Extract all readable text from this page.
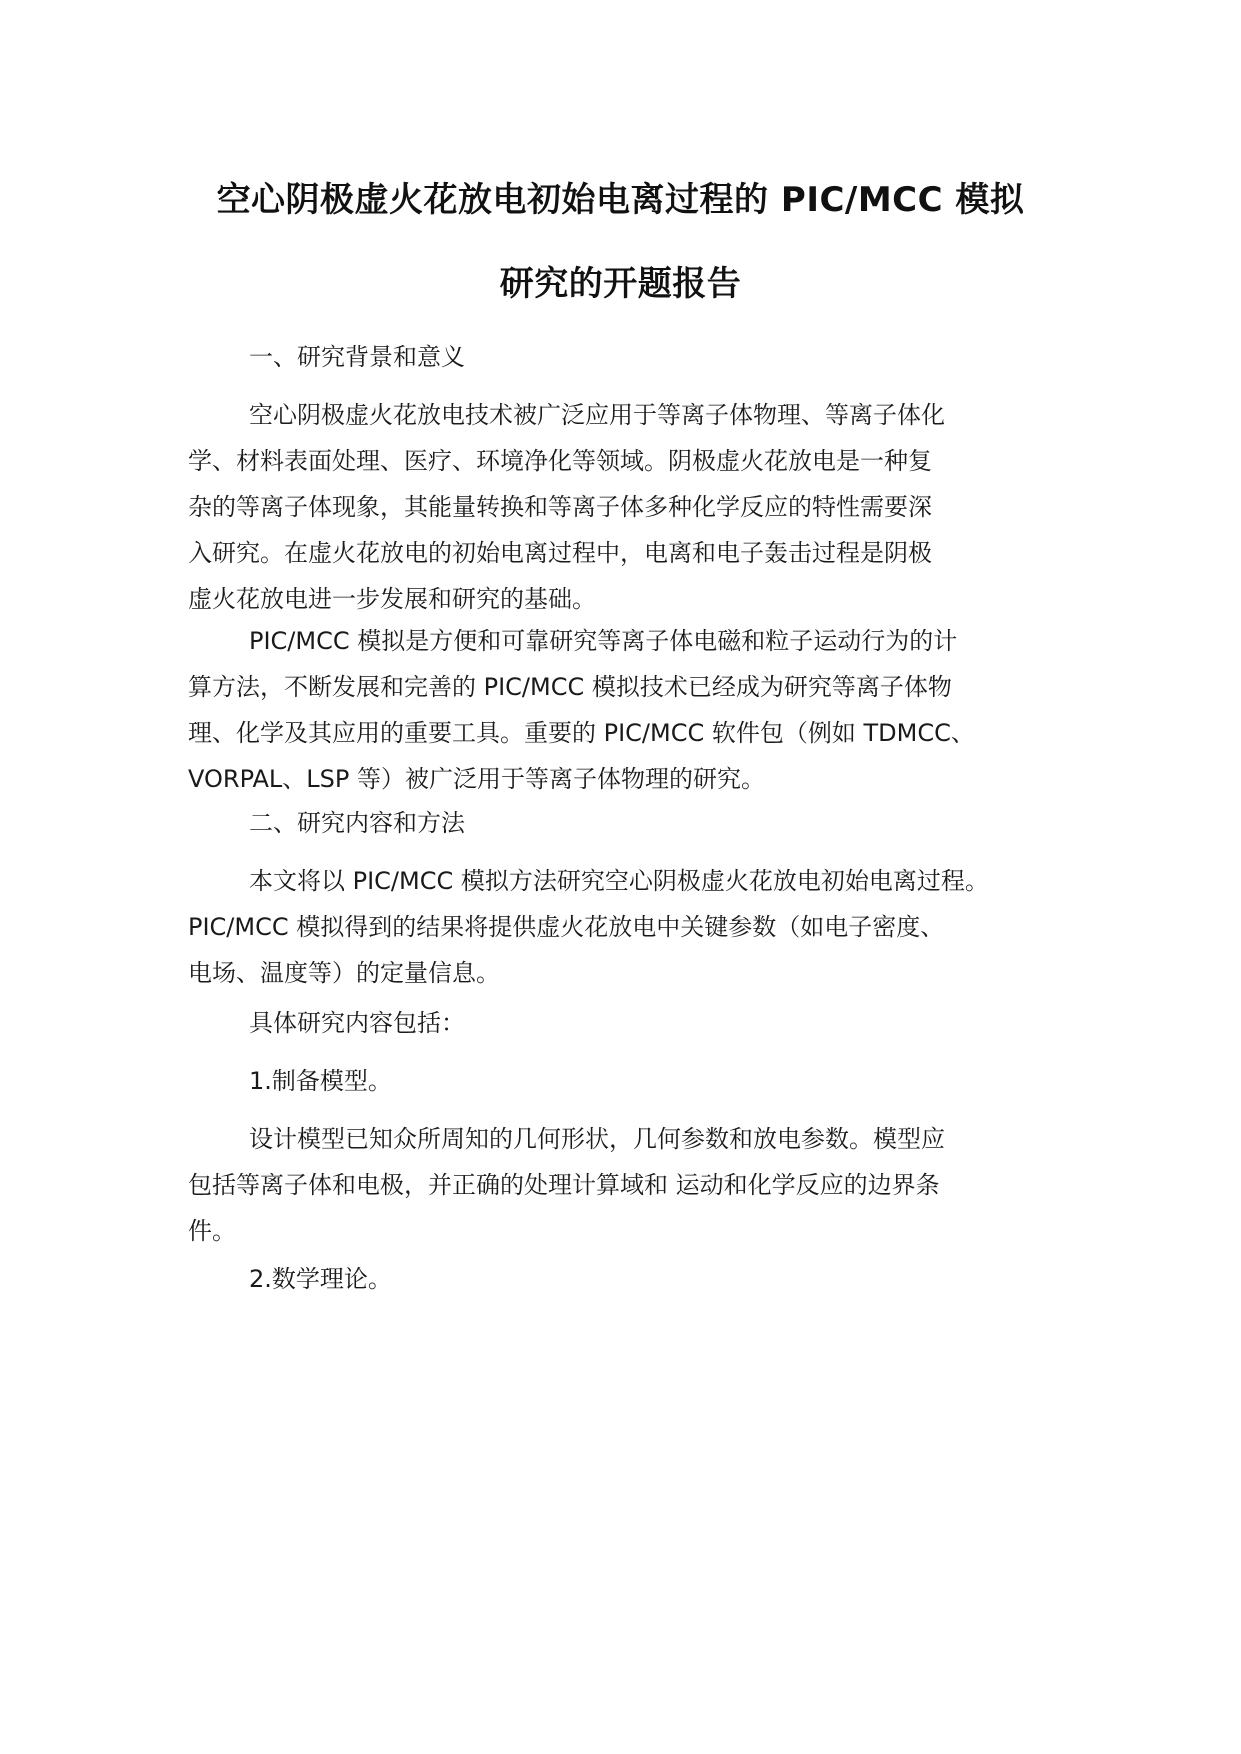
空心阴极虚火花放电初始电离过程的 PIC/MCC 模拟
研究的开题报告
一、研究背景和意义
空心阴极虚火花放电技术被广泛应用于等离子体物理、等离子体化
学、材料表面处理、医疗、环境净化等领域。阴极虚火花放电是一种复
杂的等离子体现象，其能量转换和等离子体多种化学反应的特性需要深
入研究。在虚火花放电的初始电离过程中，电离和电子轰击过程是阴极
虚火花放电进一步发展和研究的基础。
PIC/MCC 模拟是方便和可靠研究等离子体电磁和粒子运动行为的计
算方法，不断发展和完善的 PIC/MCC 模拟技术已经成为研究等离子体物
理、化学及其应用的重要工具。重要的 PIC/MCC 软件包（例如 TDMCC、
VORPAL、LSP 等）被广泛用于等离子体物理的研究。
二、研究内容和方法
本文将以 PIC/MCC 模拟方法研究空心阴极虚火花放电初始电离过程。
PIC/MCC 模拟得到的结果将提供虚火花放电中关键参数（如电子密度、
电场、温度等）的定量信息。
具体研究内容包括：
1.制备模型。
设计模型已知众所周知的几何形状，几何参数和放电参数。模型应
包括等离子体和电极，并正确的处理计算域和 运动和化学反应的边界条
件。
2.数学理论。
